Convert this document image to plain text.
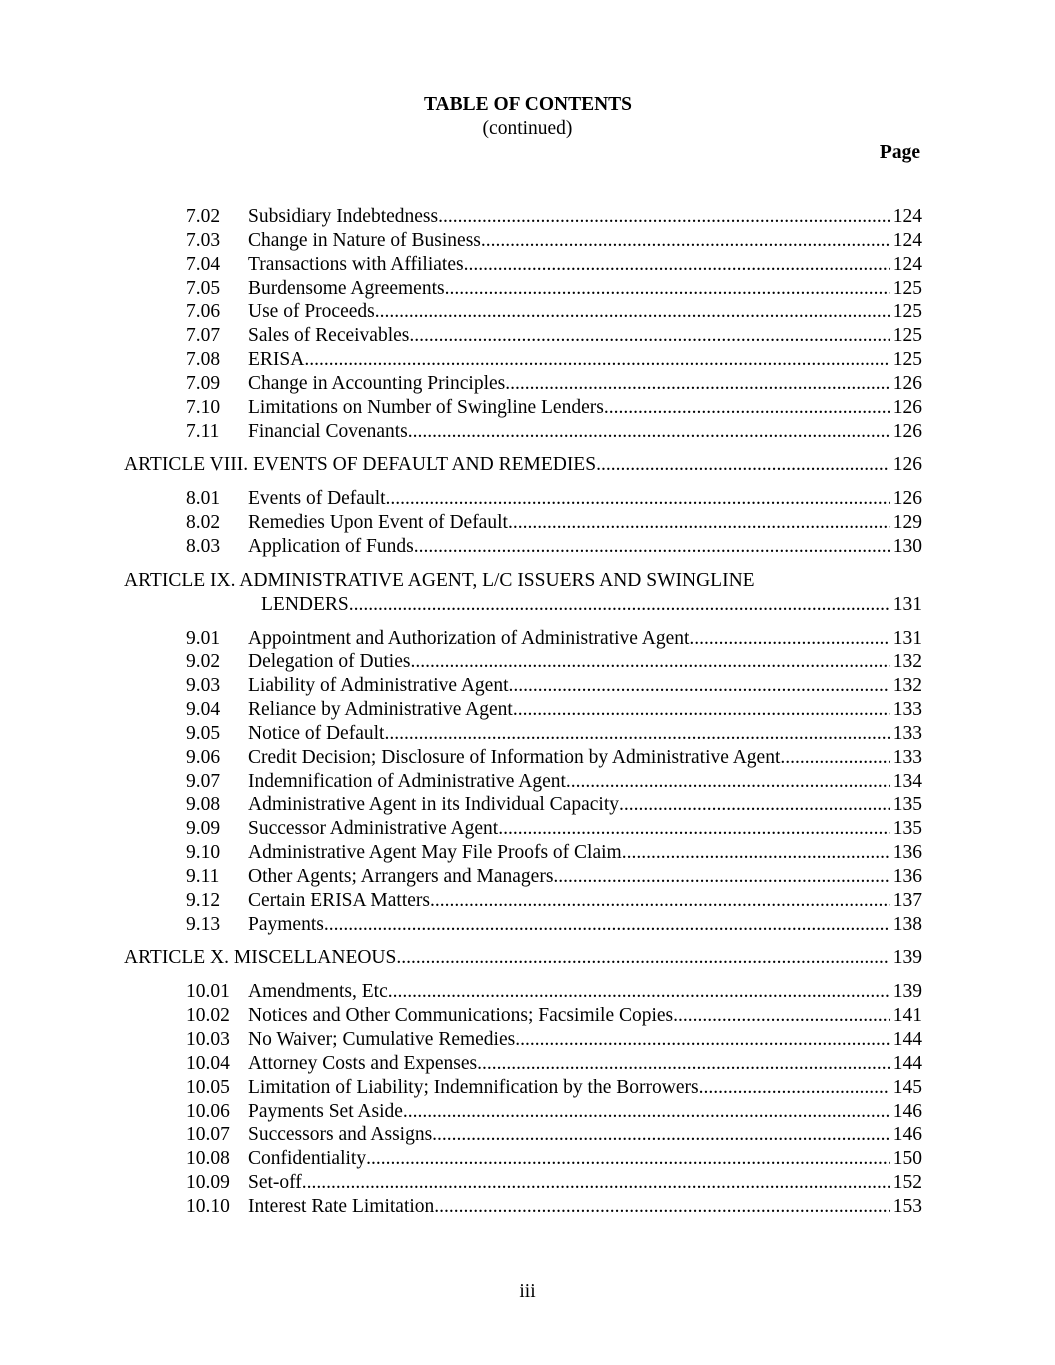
TABLE OF CONTENTS
(continued)
Page
7.02 Subsidiary Indebtedness .....	124
7.03 Change in Nature of Business .....	124
7.04 Transactions with Affiliates .....	124
7.05 Burdensome Agreements .....	125
7.06 Use of Proceeds .....	125
7.07 Sales of Receivables .....	125
7.08 ERISA .....	125
7.09 Change in Accounting Principles .....	126
7.10 Limitations on Number of Swingline Lenders .....	126
7.11 Financial Covenants. .....	126
ARTICLE VIII. EVENTS OF DEFAULT AND REMEDIES .....	126
8.01 Events of Default .....	126
8.02 Remedies Upon Event of Default .....	129
8.03 Application of Funds .....	130
ARTICLE IX. ADMINISTRATIVE AGENT, L/C ISSUERS AND SWINGLINE
LENDERS .....	131
9.01 Appointment and Authorization of Administrative Agent .....	131
9.02 Delegation of Duties .....	132
9.03 Liability of Administrative Agent .....	132
9.04 Reliance by Administrative Agent .....	133
9.05 Notice of Default .....	133
9.06 Credit Decision; Disclosure of Information by Administrative Agent .....	133
9.07 Indemnification of Administrative Agent .....	134
9.08 Administrative Agent in its Individual Capacity .....	135
9.09 Successor Administrative Agent .....	135
9.10 Administrative Agent May File Proofs of Claim .....	136
9.11 Other Agents; Arrangers and Managers .....	136
9.12 Certain ERISA Matters .....	137
9.13 Payments .....	138
ARTICLE X. MISCELLANEOUS .....	139
10.01 Amendments, Etc .....	139
10.02 Notices and Other Communications; Facsimile Copies. .....	141
10.03 No Waiver; Cumulative Remedies .....	144
10.04 Attorney Costs and Expenses .....	144
10.05 Limitation of Liability; Indemnification by the Borrowers. .....	145
10.06 Payments Set Aside .....	146
10.07 Successors and Assigns .....	146
10.08 Confidentiality .....	150
10.09 Set-off .....	152
10.10 Interest Rate Limitation .....	153
iii
